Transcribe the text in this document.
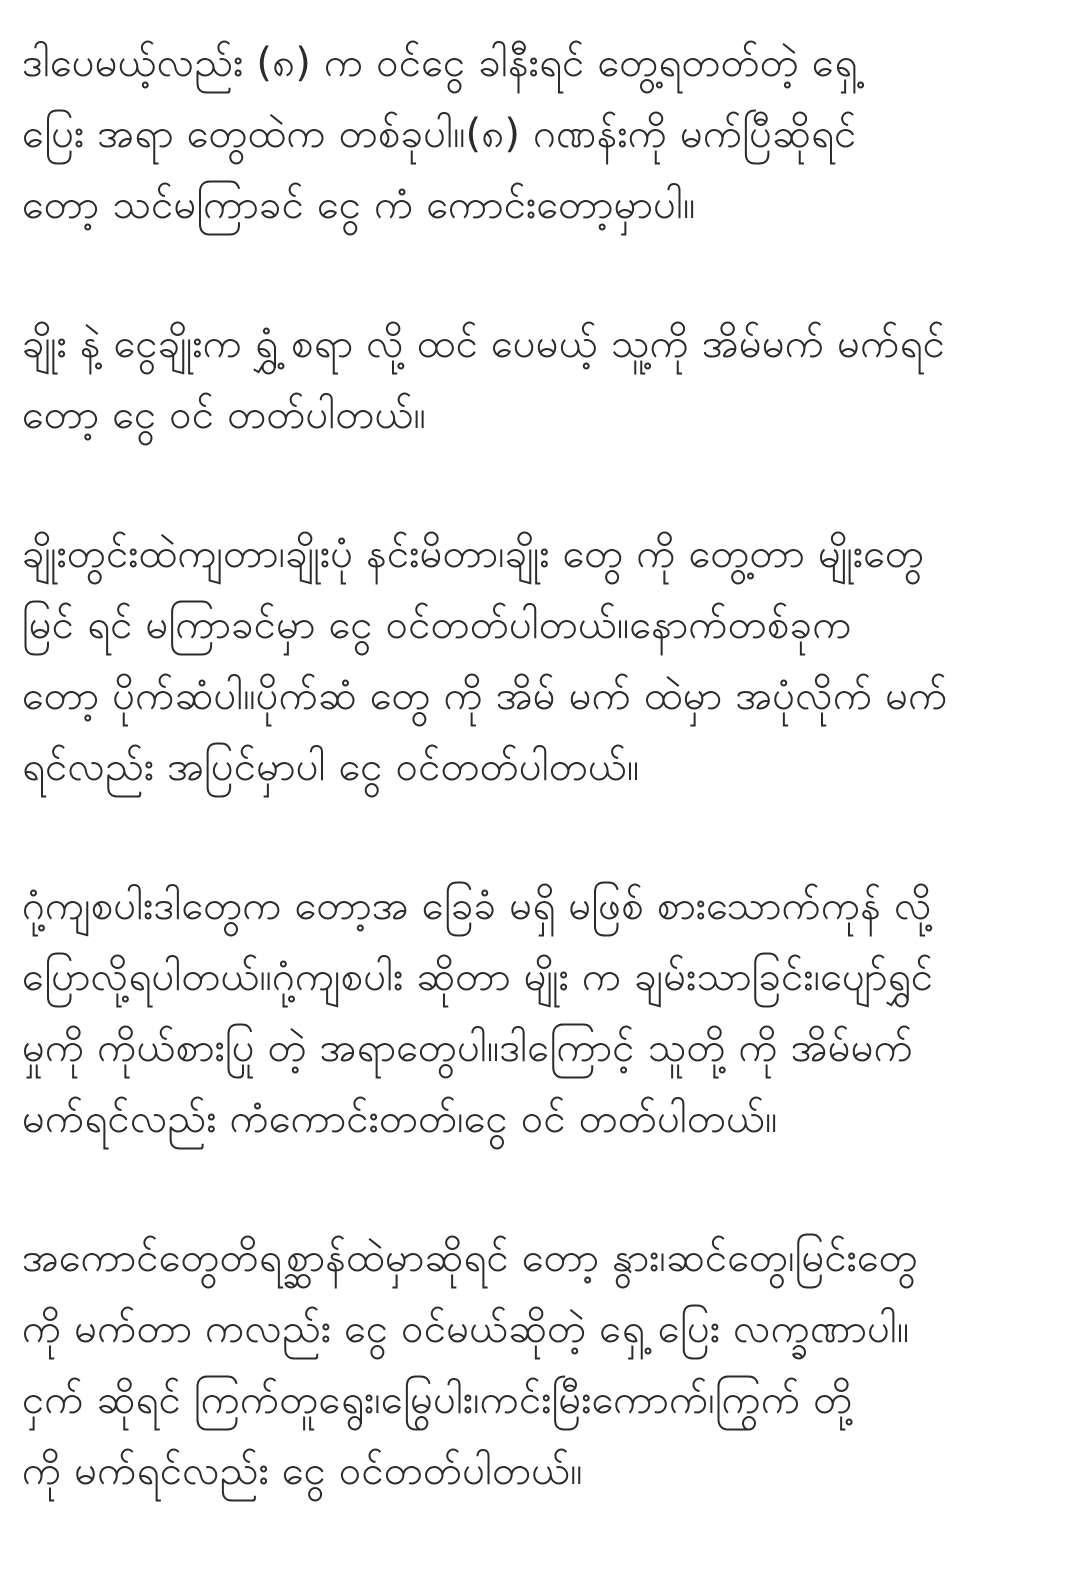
ဒါပေမယ့်လည်း (၈) က ဝင်ငွေ ခါနီးရင် တွေ့ရတတ်တဲ့ ရှေ့
ပြေး အရာ တွေထဲက တစ်ခုပါ။(၈) ဂဏန်းကို မက်ပြီဆိုရင်
တော့ သင်မကြာခင် ငွေ ကံ ကောင်းတော့မှာပါ။
ချိုး နဲ့ ငွေချိုးက ရွှံ့ စရာ လို့ ထင် ပေမယ့် သူ့ကို အိမ်မက် မက်ရင်
တော့ ငွေ ဝင် တတ်ပါတယ်။
ချိုးတွင်းထဲကျတာ၊ချိုးပုံ နင်းမိတာ၊ချိုး တွေ ကို တွေ့တာ မျိုးတွေ
မြင် ရင် မကြာခင်မှာ ငွေ ဝင်တတ်ပါတယ်။နောက်တစ်ခုက
တော့ ပိုက်ဆံပါ။ပိုက်ဆံ တွေ ကို အိမ် မက် ထဲမှာ အပုံလိုက် မက်
ရင်လည်း အပြင်မှာပါ ငွေ ဝင်တတ်ပါတယ်။
ဂုံ့ကျစပါးဒါတွေက တော့အ ခြေခံ မရှိ မဖြစ် စားသောက်ကုန် လို့
ပြောလို့ရပါတယ်။ဂုံ့ကျစပါး ဆိုတာ မျိုး က ချမ်းသာခြင်း၊ပျော်ရွှင်
မှုကို ကိုယ်စားပြု တဲ့ အရာတွေပါ။ဒါကြောင့် သူတို့ ကို အိမ်မက်
မက်ရင်လည်း ကံကောင်းတတ်၊ငွေ ဝင် တတ်ပါတယ်။
အကောင်တွေတိရစ္ဆာန်ထဲမှာဆိုရင် တော့ နွား၊ဆင်တွေ၊မြင်းတွေ
ကို မက်တာ ကလည်း ငွေ ဝင်မယ်ဆိုတဲ့ ရှေ့ ပြေး လက္ခဏာပါ။
ငှက် ဆိုရင် ကြက်တူရွေး၊မြွေပါး၊ကင်းမြီးကောက်၊ကြွက် တို့
ကို မက်ရင်လည်း ငွေ ဝင်တတ်ပါတယ်။
